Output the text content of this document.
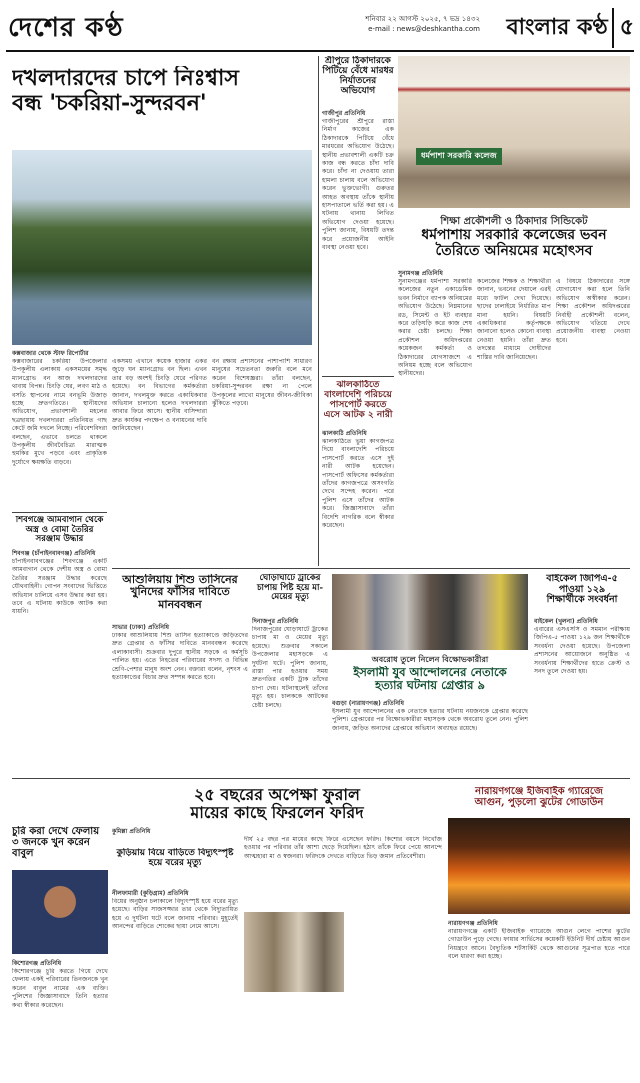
দেশের কণ্ঠ	শনিবার ২২ আগস্ট ২০২৫, ৭ ভদ্র ১৪৩২
e-mail : news@deshkantha.com	বাংলার কণ্ঠ ৫
দখলদারদের চাপে নিঃশ্বাস
বন্ধ 'চকরিয়া-সুন্দরবন'
কক্সবাজার থেকে স্টাফ রিপোর্টার
কক্সবাজারের চকরিয়া উপজেলার উপকূলীয় এলাকায় একসময়ের সমৃদ্ধ ম্যানগ্রোভ বন আজ দখলদারদের থাবায় বিপন্ন। চিংড়ি ঘের, লবণ মাঠ ও বসতি স্থাপনের নামে বনভূমি উজাড় হচ্ছে দ্রুতগতিতে। স্থানীয়দের অভিযোগ, প্রভাবশালী মহলের ছত্রছায়ায় দখলদাররা প্রতিনিয়ত গাছ কেটে জমি দখলে নিচ্ছে। পরিবেশবিদরা বলছেন, এভাবে চলতে থাকলে উপকূলীয় জীববৈচিত্র্য মারাত্মক হুমকির মুখে পড়বে এবং প্রাকৃতিক দুর্যোগে ক্ষয়ক্ষতি বাড়বে।
একসময় এখানে কয়েক হাজার একর জুড়ে ঘন ম্যানগ্রোভ বন ছিল। এখন তার বড় অংশই চিংড়ি ঘেরে পরিণত হয়েছে। বন বিভাগের কর্মকর্তারা জানান, দখলমুক্ত করতে একাধিকবার অভিযান চালানো হলেও দখলদাররা আবার ফিরে আসে। স্থানীয় বাসিন্দারা দ্রুত কার্যকর পদক্ষেপ ও বনায়নের দাবি জানিয়েছেন।
বন রক্ষায় প্রশাসনের পাশাপাশি সাধারণ মানুষের সচেতনতা জরুরি বলে মনে করেন বিশেষজ্ঞরা। তাঁরা বলছেন, চকরিয়া-সুন্দরবন রক্ষা না পেলে উপকূলের লাখো মানুষের জীবন-জীবিকা ঝুঁকিতে পড়বে।
শিবগঞ্জে আমবাগান থেকে অস্ত্র ও বোমা তৈরির সরঞ্জাম উদ্ধার
শিবগঞ্জ (চাঁপাইনবাবগঞ্জ) প্রতিনিধি
চাঁপাইনবাবগঞ্জের শিবগঞ্জে একটি আমবাগান থেকে দেশীয় অস্ত্র ও বোমা তৈরির সরঞ্জাম উদ্ধার করেছে যৌথবাহিনী। গোপন সংবাদের ভিত্তিতে অভিযান চালিয়ে এসব উদ্ধার করা হয়। তবে এ ঘটনায় কাউকে আটক করা যায়নি।
শ্রীপুরে ঠিকাদারকে পিটিয়ে বেঁধে মারধর নির্যাতনের অভিযোগ
গাজীপুর প্রতিনিধি
গাজীপুরের শ্রীপুরে রাস্তা নির্মাণ কাজের এক ঠিকাদারকে পিটিয়ে বেঁধে মারধরের অভিযোগ উঠেছে। স্থানীয় প্রভাবশালী একটি চক্র কাজ বন্ধ করতে চাঁদা দাবি করে। চাঁদা না দেওয়ায় তারা হামলা চালায় বলে অভিযোগ করেন ভুক্তভোগী। গুরুতর আহত অবস্থায় তাঁকে স্থানীয় হাসপাতালে ভর্তি করা হয়। এ ঘটনায় থানায় লিখিত অভিযোগ দেওয়া হয়েছে। পুলিশ জানায়, বিষয়টি তদন্ত করে প্রয়োজনীয় আইনি ব্যবস্থা নেওয়া হবে।
ঝালকাঠিতে বাংলাদেশি পরিচয়ে পাসপোর্ট করতে এসে আটক ২ নারী
ঝালকাঠি প্রতিনিধি
ঝালকাঠিতে ভুয়া কাগজপত্র দিয়ে বাংলাদেশি পরিচয়ে পাসপোর্ট করতে এসে দুই নারী আটক হয়েছেন। পাসপোর্ট অফিসের কর্মকর্তারা তাঁদের কাগজপত্রে অসংগতি দেখে সন্দেহ করেন। পরে পুলিশ এসে তাঁদের আটক করে। জিজ্ঞাসাবাদে তাঁরা বিদেশি নাগরিক বলে স্বীকার করেছেন।
ধর্মপাশা সরকারি কলেজ
শিক্ষা প্রকৌশলী ও ঠিকাদার সিন্ডিকেট
ধর্মপাশায় সরকারি কলেজের ভবন
তৈরিতে অনিয়মের মহোৎসব
সুনামগঞ্জ প্রতিনিধি
সুনামগঞ্জের ধর্মপাশা সরকারি কলেজের নতুন একাডেমিক ভবন নির্মাণে ব্যাপক অনিয়মের অভিযোগ উঠেছে। নিম্নমানের রড, সিমেন্ট ও ইট ব্যবহার করে তড়িঘড়ি করে কাজ শেষ করার চেষ্টা চলছে। শিক্ষা প্রকৌশল অধিদপ্তরের কয়েকজন কর্মকর্তা ও ঠিকাদারের যোগসাজশে এ অনিয়ম হচ্ছে বলে অভিযোগ স্থানীয়দের।
কলেজের শিক্ষক ও শিক্ষার্থীরা জানান, ভবনের দেয়ালে এরই মধ্যে ফাটল দেখা দিয়েছে। ছাদের ঢালাইয়ে নির্ধারিত মাপ মানা হয়নি। বিষয়টি একাধিকবার কর্তৃপক্ষকে জানানো হলেও কোনো ব্যবস্থা নেওয়া হয়নি। তাঁরা দ্রুত তদন্তের মাধ্যমে দোষীদের শাস্তির দাবি জানিয়েছেন।
এ বিষয়ে ঠিকাদারের সঙ্গে যোগাযোগ করা হলে তিনি অভিযোগ অস্বীকার করেন। শিক্ষা প্রকৌশল অধিদপ্তরের নির্বাহী প্রকৌশলী বলেন, অভিযোগ খতিয়ে দেখে প্রয়োজনীয় ব্যবস্থা নেওয়া হবে।
আশুলিয়ায় শিশু তাসিনের
খুনিদের ফাঁসির দাবিতে
মানববন্ধন
সাভার (ঢাকা) প্রতিনিধি
ঢাকার আশুলিয়ায় শিশু তাসিন হত্যাকাণ্ডে জড়িতদের দ্রুত গ্রেপ্তার ও ফাঁসির দাবিতে মানববন্ধন করেছে এলাকাবাসী। শুক্রবার দুপুরে স্থানীয় সড়কে এ কর্মসূচি পালিত হয়। এতে নিহতের পরিবারের সদস্য ও বিভিন্ন শ্রেণি-পেশার মানুষ অংশ নেন। বক্তারা বলেন, নৃশংস এ হত্যাকাণ্ডের বিচার দ্রুত সম্পন্ন করতে হবে।
ঘোড়াঘাটে ট্রাকের চাপায় পিষ্ট হয়ে মা-মেয়ের মৃত্যু
দিনাজপুর প্রতিনিধি
দিনাজপুরের ঘোড়াঘাটে ট্রাকের চাপায় মা ও মেয়ের মৃত্যু হয়েছে। শুক্রবার সকালে উপজেলার মহাসড়কে এ দুর্ঘটনা ঘটে। পুলিশ জানায়, রাস্তা পার হওয়ার সময় দ্রুতগতির একটি ট্রাক তাঁদের চাপা দেয়। ঘটনাস্থলেই তাঁদের মৃত্যু হয়। চালককে আটকের চেষ্টা চলছে।
অবরোধ তুলে নিলেন বিক্ষোভকারীরা
ইসলামী যুব আন্দোলনের নেতাকে
হত্যার ঘটনায় গ্রেপ্তার ৯
বগুড়া (নারায়ণগঞ্জ) প্রতিনিধি
ইসলামী যুব আন্দোলনের এক নেতাকে হত্যার ঘটনায় নয়জনকে গ্রেপ্তার করেছে পুলিশ। গ্রেপ্তারের পর বিক্ষোভকারীরা মহাসড়ক থেকে অবরোধ তুলে নেন। পুলিশ জানায়, জড়িত অন্যদের গ্রেপ্তারে অভিযান অব্যাহত রয়েছে।
বাইকেল জিপিএ-৫
পাওয়া ১২৯
শিক্ষার্থীকে সংবর্ধনা
বাইকেল (খুলনা) প্রতিনিধি
এবারের এসএসসি ও সমমান পরীক্ষায় জিপিএ-৫ পাওয়া ১২৯ জন শিক্ষার্থীকে সংবর্ধনা দেওয়া হয়েছে। উপজেলা প্রশাসনের আয়োজনে অনুষ্ঠিত এ সংবর্ধনায় শিক্ষার্থীদের হাতে ক্রেস্ট ও সনদ তুলে দেওয়া হয়।
২৫ বছরের অপেক্ষা ফুরাল
মায়ের কাছে ফিরলেন ফরিদ
কুমিল্লা প্রতিনিধি
দীর্ঘ ২৫ বছর পর মায়ের কাছে ফিরে এসেছেন ফরিদ। কিশোর বয়সে নিখোঁজ হওয়ার পর পরিবার তাঁর আশা ছেড়ে দিয়েছিল। হঠাৎ তাঁকে ফিরে পেয়ে আনন্দে আত্মহারা মা ও স্বজনরা। ফরিদকে দেখতে বাড়িতে ভিড় জমান প্রতিবেশীরা।
নারায়ণগঞ্জে ইজিবাইক গ্যারেজে
আগুন, পুড়লো ঝুটের গোডাউন
নারায়ণগঞ্জ প্রতিনিধি
নারায়ণগঞ্জে একটি ইজিবাইক গ্যারেজে আগুন লেগে পাশের ঝুটের গোডাউন পুড়ে গেছে। ফায়ার সার্ভিসের কয়েকটি ইউনিট দীর্ঘ চেষ্টায় আগুন নিয়ন্ত্রণে আনে। বৈদ্যুতিক শর্টসার্কিট থেকে আগুনের সূত্রপাত হতে পারে বলে ধারণা করা হচ্ছে।
চুরি করা দেখে ফেলায় ৩ জনকে খুন করেন বাবুল
কিশোরগঞ্জ প্রতিনিধি
কিশোরগঞ্জে চুরি করতে গিয়ে দেখে ফেলায় একই পরিবারের তিনজনকে খুন করেন বাবুল নামের এক ব্যক্তি। পুলিশের জিজ্ঞাসাবাদে তিনি হত্যার কথা স্বীকার করেছেন।
কুড়িয়ায় বিয়ে বাড়িতে বিদ্যুৎস্পৃষ্ট হয়ে বরের মৃত্যু
নীলফামারী (কুড়িগ্রাম) প্রতিনিধি
বিয়ের অনুষ্ঠান চলাকালে বিদ্যুৎস্পৃষ্ট হয়ে বরের মৃত্যু হয়েছে। বাড়ির সাজসজ্জার তার থেকে বিদ্যুতায়িত হয়ে এ দুর্ঘটনা ঘটে বলে জানায় পরিবার। মুহূর্তেই আনন্দের বাড়িতে শোকের ছায়া নেমে আসে।
